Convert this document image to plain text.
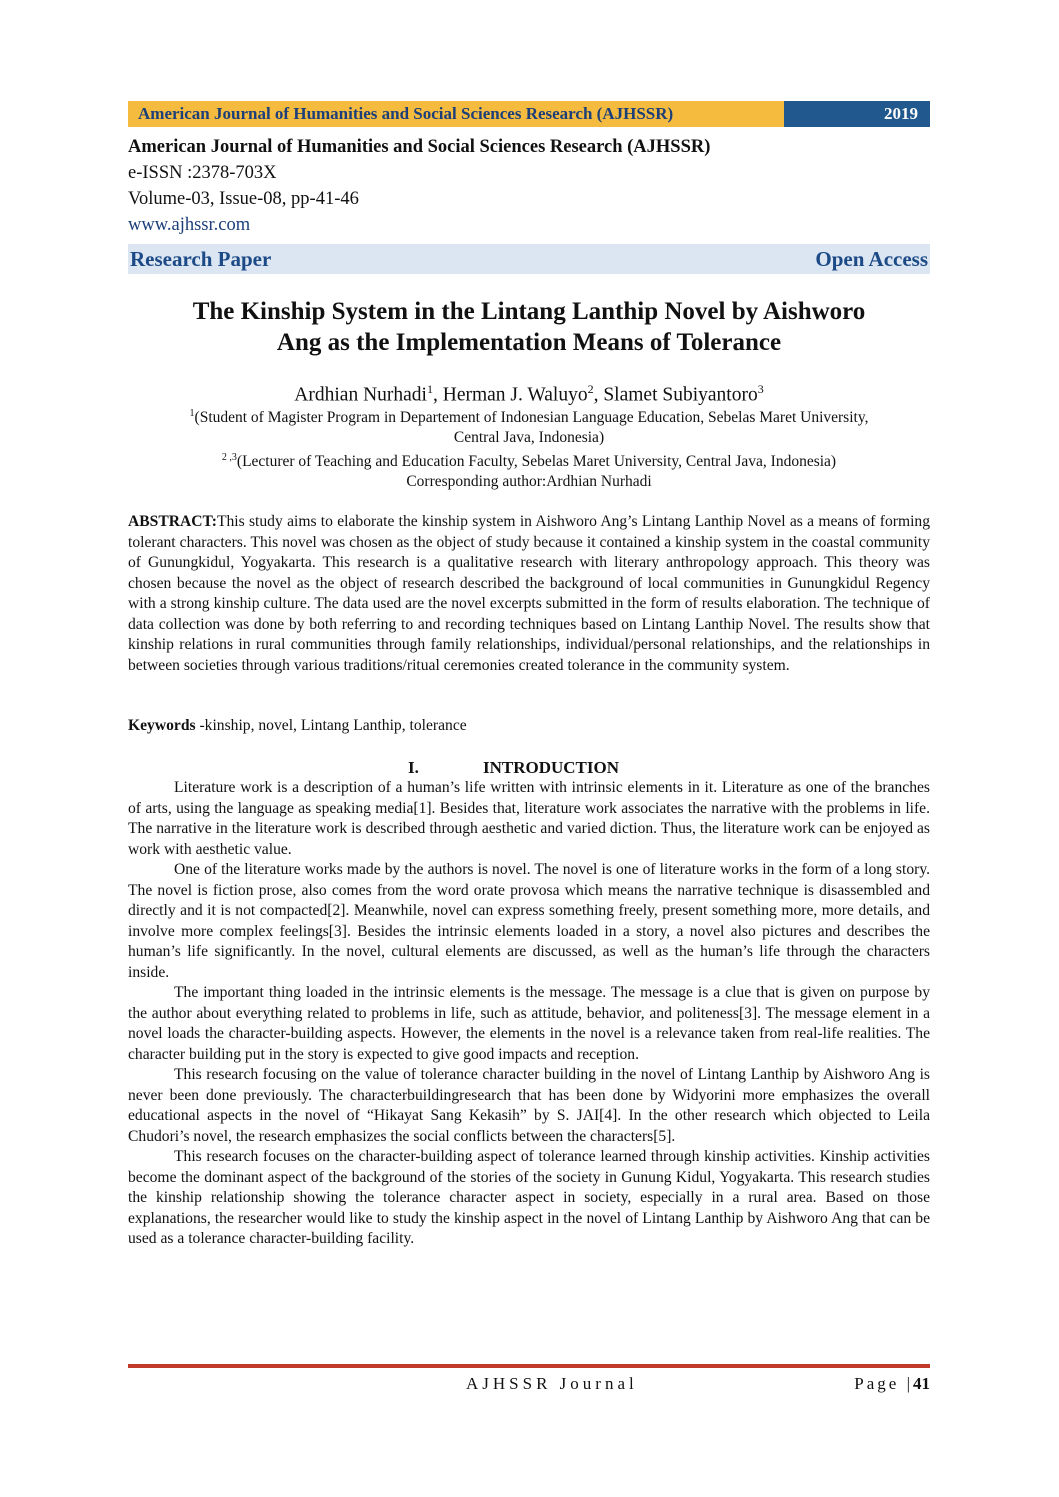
American Journal of Humanities and Social Sciences Research (AJHSSR)	2019
American Journal of Humanities and Social Sciences Research (AJHSSR)
e-ISSN :2378-703X
Volume-03, Issue-08, pp-41-46
www.ajhssr.com
Research Paper	Open Access
The Kinship System in the Lintang Lanthip Novel by Aishworo
Ang as the Implementation Means of Tolerance
Ardhian Nurhadi$^1$, Herman J. Waluyo$^2$, Slamet Subiyantoro$^3$
$^1$(Student of Magister Program in Departement of Indonesian Language Education, Sebelas Maret University,
Central Java, Indonesia)
$^{2 ,3}$(Lecturer of Teaching and Education Faculty, Sebelas Maret University, Central Java, Indonesia)
Corresponding author:Ardhian Nurhadi
ABSTRACT:This study aims to elaborate the kinship system in Aishworo Ang’s Lintang Lanthip Novel as a means of forming tolerant characters. This novel was chosen as the object of study because it contained a kinship system in the coastal community of Gunungkidul, Yogyakarta. This research is a qualitative research with literary anthropology approach. This theory was chosen because the novel as the object of research described the background of local communities in Gunungkidul Regency with a strong kinship culture. The data used are the novel excerpts submitted in the form of results elaboration. The technique of data collection was done by both referring to and recording techniques based on Lintang Lanthip Novel. The results show that kinship relations in rural communities through family relationships, individual/personal relationships, and the relationships in between societies through various traditions/ritual ceremonies created tolerance in the community system.
Keywords -kinship, novel, Lintang Lanthip, tolerance
I.	INTRODUCTION

Literature work is a description of a human’s life written with intrinsic elements in it. Literature as one of the branches of arts, using the language as speaking media[1]. Besides that, literature work associates the narrative with the problems in life. The narrative in the literature work is described through aesthetic and varied diction. Thus, the literature work can be enjoyed as work with aesthetic value.

One of the literature works made by the authors is novel. The novel is one of literature works in the form of a long story. The novel is fiction prose, also comes from the word orate provosa which means the narrative technique is disassembled and directly and it is not compacted[2]. Meanwhile, novel can express something freely, present something more, more details, and involve more complex feelings[3]. Besides the intrinsic elements loaded in a story, a novel also pictures and describes the human’s life significantly. In the novel, cultural elements are discussed, as well as the human’s life through the characters inside.

The important thing loaded in the intrinsic elements is the message. The message is a clue that is given on purpose by the author about everything related to problems in life, such as attitude, behavior, and politeness[3]. The message element in a novel loads the character-building aspects. However, the elements in the novel is a relevance taken from real-life realities. The character building put in the story is expected to give good impacts and reception.

This research focusing on the value of tolerance character building in the novel of Lintang Lanthip by Aishworo Ang is never been done previously. The characterbuildingresearch that has been done by Widyorini more emphasizes the overall educational aspects in the novel of “Hikayat Sang Kekasih” by S. JAI[4]. In the other research which objected to Leila Chudori’s novel, the research emphasizes the social conflicts between the characters[5].

This research focuses on the character-building aspect of tolerance learned through kinship activities. Kinship activities become the dominant aspect of the background of the stories of the society in Gunung Kidul, Yogyakarta. This research studies the kinship relationship showing the tolerance character aspect in society, especially in a rural area. Based on those explanations, the researcher would like to study the kinship aspect in the novel of Lintang Lanthip by Aishworo Ang that can be used as a tolerance character-building facility.

AJHSSR Journal	Page |41
